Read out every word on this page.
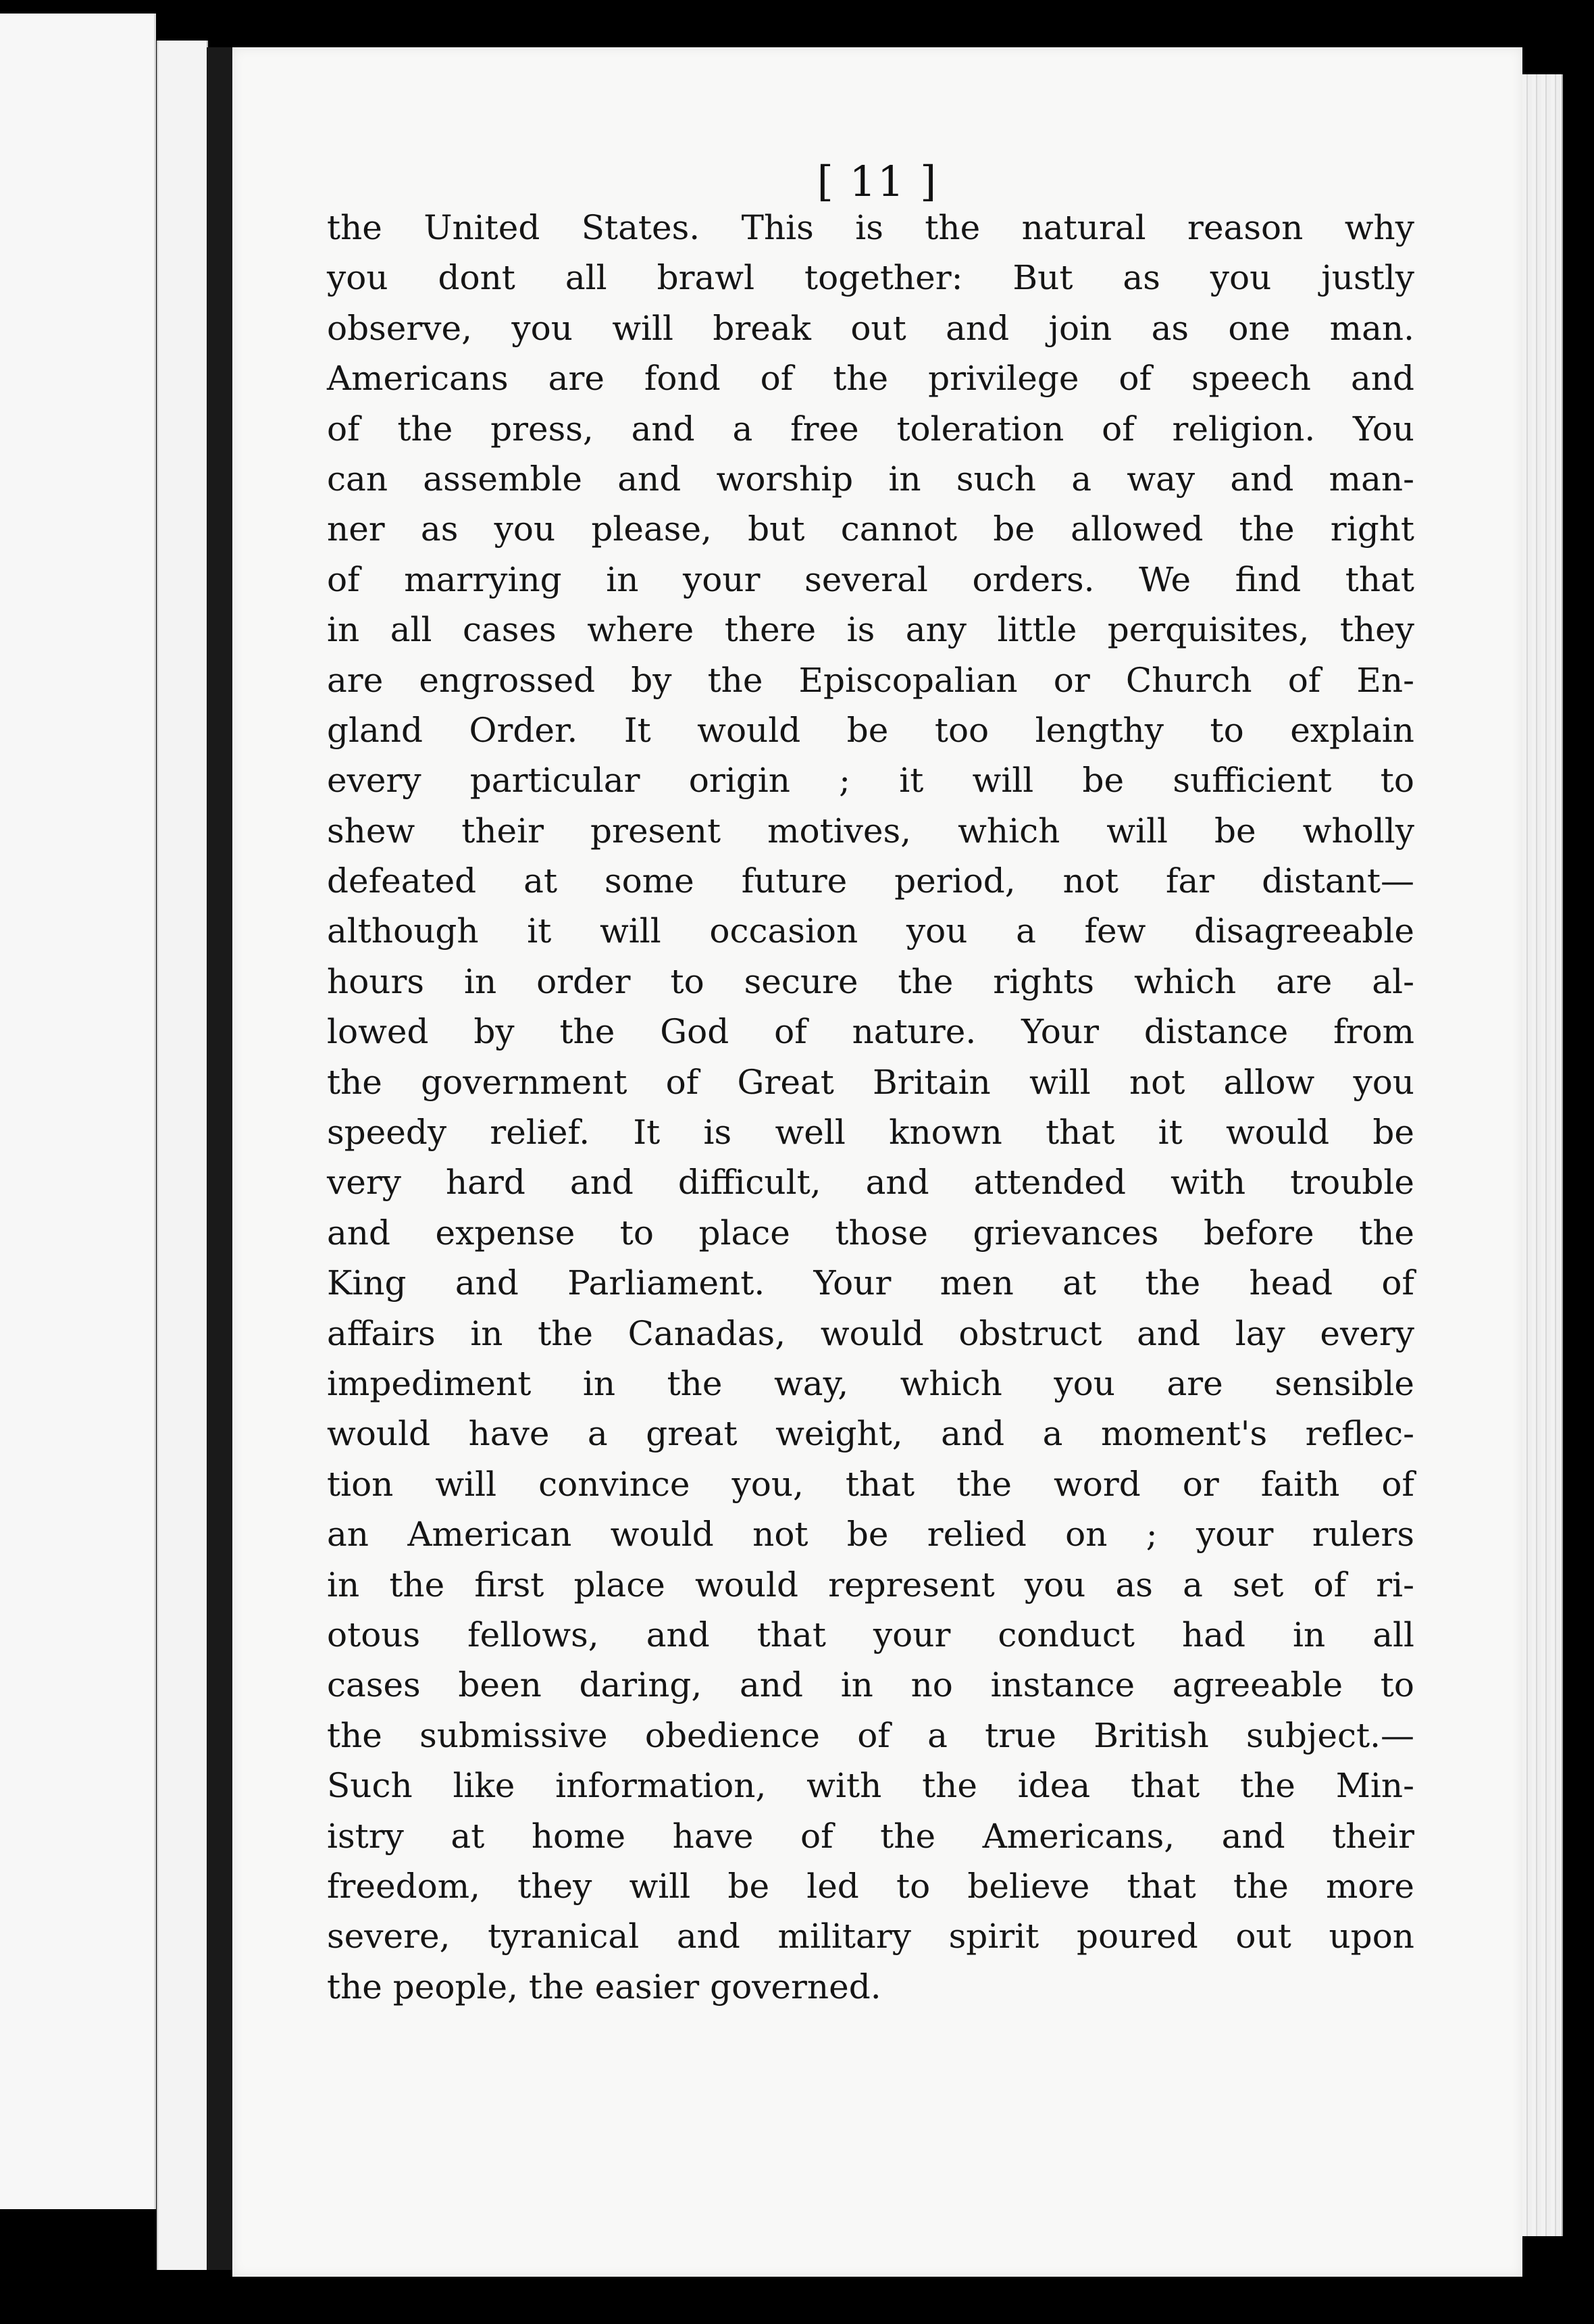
[ 11 ]

the United States. This is the natural reason why
you dont all brawl together: But as you justly
observe, you will break out and join as one man.
Americans are fond of the privilege of speech and
of the press, and a free toleration of religion. You
can assemble and worship in such a way and man-
ner as you please, but cannot be allowed the right
of marrying in your several orders. We find that
in all cases where there is any little perquisites, they
are engrossed by the Episcopalian or Church of En-
gland Order. It would be too lengthy to explain
every particular origin ; it will be sufficient to
shew their present motives, which will be wholly
defeated at some future period, not far distant—
although it will occasion you a few disagreeable
hours in order to secure the rights which are al-
lowed by the God of nature. Your distance from
the government of Great Britain will not allow you
speedy relief. It is well known that it would be
very hard and difficult, and attended with trouble
and expense to place those grievances before the
King and Parliament. Your men at the head of
affairs in the Canadas, would obstruct and lay every
impediment in the way, which you are sensible
would have a great weight, and a moment's reflec-
tion will convince you, that the word or faith of
an American would not be relied on ; your rulers
in the first place would represent you as a set of ri-
otous fellows, and that your conduct had in all
cases been daring, and in no instance agreeable to
the submissive obedience of a true British subject.—
Such like information, with the idea that the Min-
istry at home have of the Americans, and their
freedom, they will be led to believe that the more
severe, tyranical and military spirit poured out upon
the people, the easier governed.
